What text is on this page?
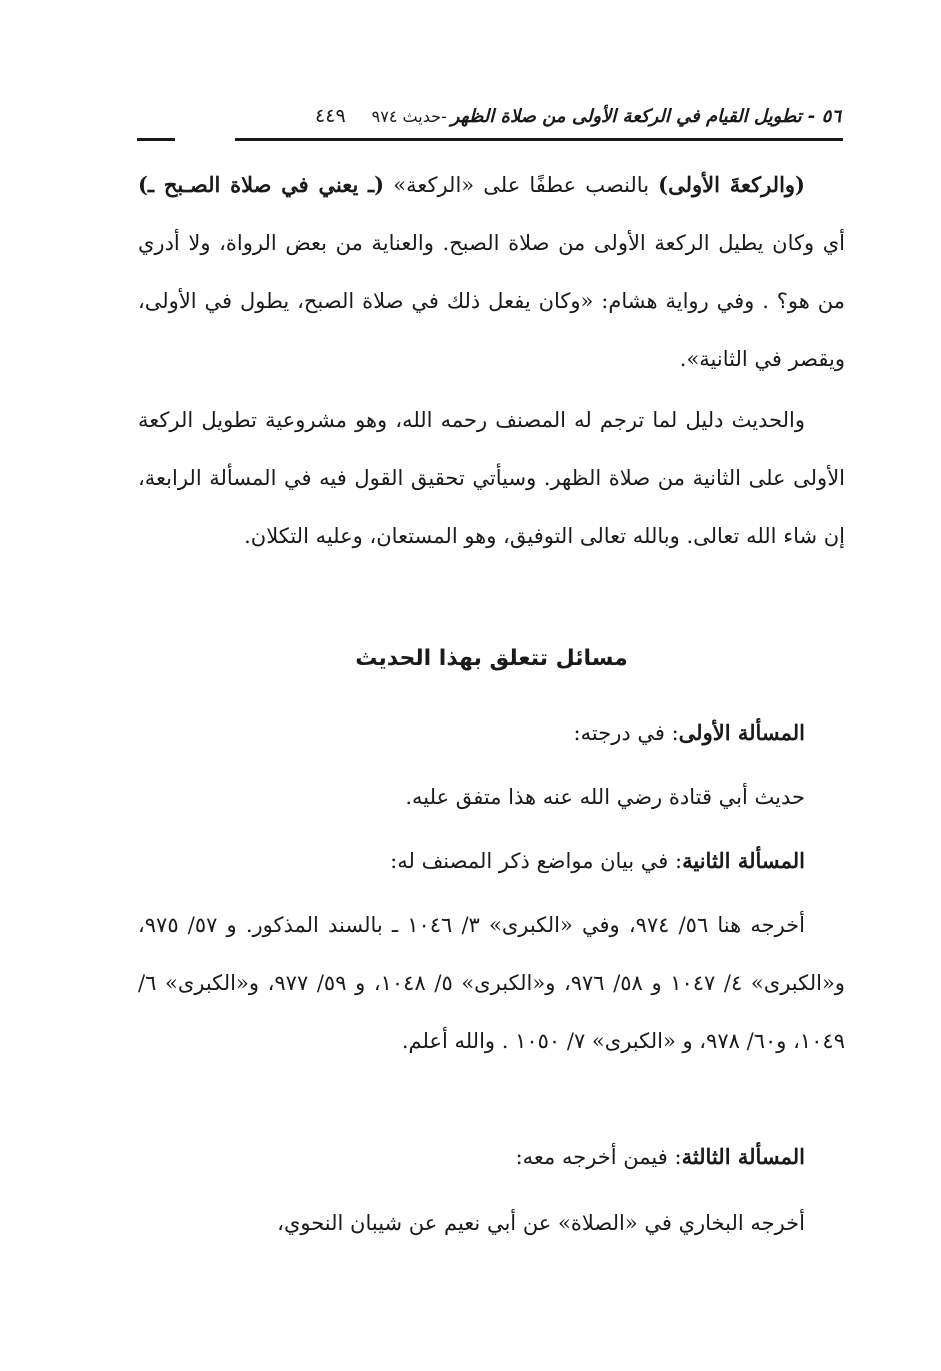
٥٦ - تطويل القيام في الركعة الأولى من صلاة الظهر
-حديث ٩٧٤
٤٤٩
(والركعةَ الأولى) بالنصب عطفًا على «الركعة» (ـ يعني في صلاة الصـبح ـ) أي وكان يطيل الركعة الأولى من صلاة الصبح. والعناية من بعض الرواة، ولا أدري من هو؟ . وفي رواية هشام: «وكان يفعل ذلك في صلاة الصبح، يطول في الأولى، ويقصر في الثانية».
والحديث دليل لما ترجم له المصنف رحمه الله، وهو مشروعية تطويل الركعة الأولى على الثانية من صلاة الظهر. وسيأتي تحقيق القول فيه في المسألة الرابعة، إن شاء الله تعالى. وبالله تعالى التوفيق، وهو المستعان، وعليه التكلان.
مسائل تتعلق بهذا الحديث
المسألة الأولى: في درجته:
حديث أبي قتادة رضي الله عنه هذا متفق عليه.
المسألة الثانية: في بيان مواضع ذكر المصنف له:
أخرجه هنا ٥٦/ ٩٧٤، وفي «الكبرى» ٣/ ١٠٤٦ ـ بالسند المذكور. و ٥٧/ ٩٧٥، و«الكبرى» ٤/ ١٠٤٧ و ٥٨/ ٩٧٦، و«الكبرى» ٥/ ١٠٤٨، و ٥٩/ ٩٧٧، و«الكبرى» ٦/ ١٠٤٩، و٦٠/ ٩٧٨، و «الكبرى» ٧/ ١٠٥٠ . والله أعلم.
المسألة الثالثة: فيمن أخرجه معه:
أخرجه البخاري في «الصلاة» عن أبي نعيم عن شيبان النحوي،
